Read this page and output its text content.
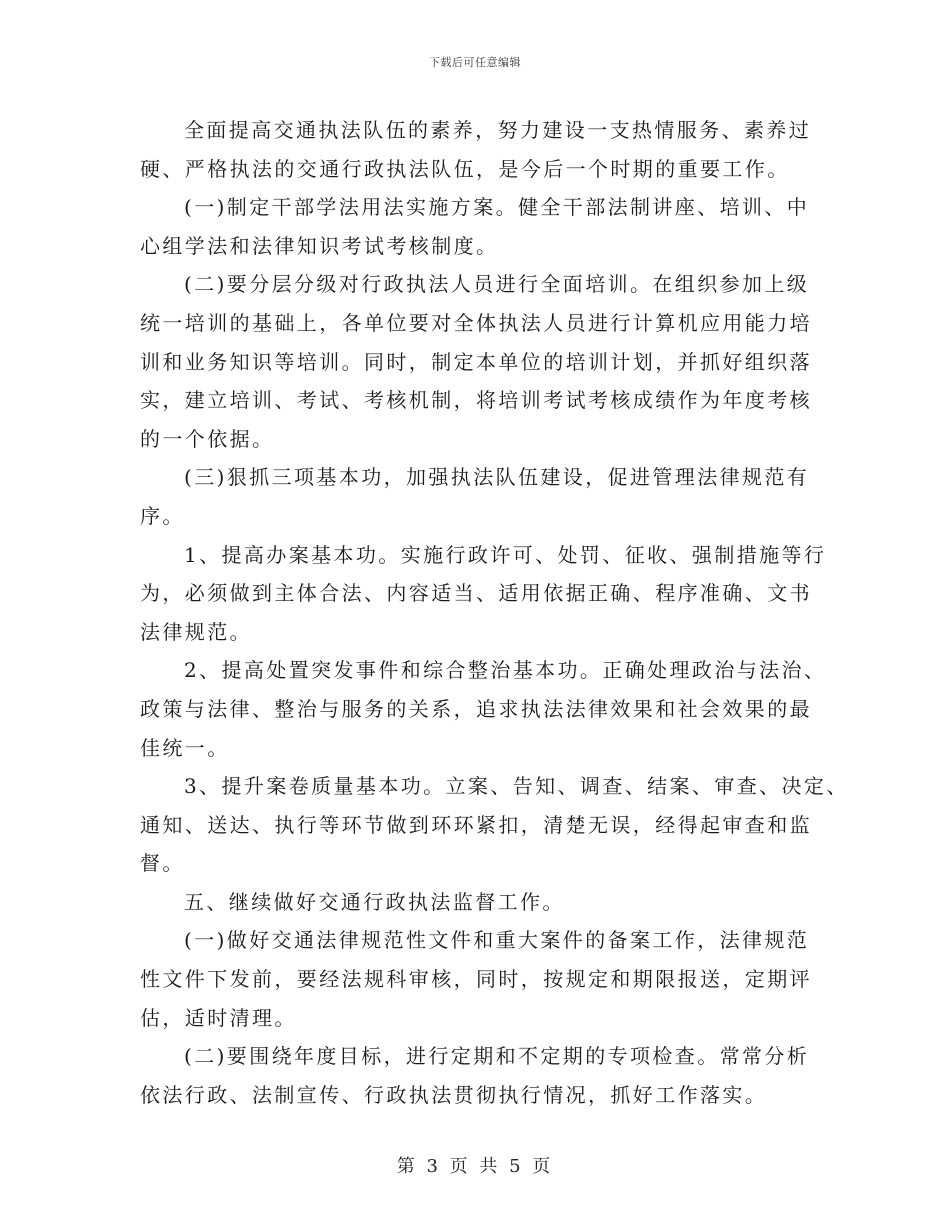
下载后可任意编辑
全面提高交通执法队伍的素养，努力建设一支热情服务、素养过
硬、严格执法的交通行政执法队伍，是今后一个时期的重要工作。
(一)制定干部学法用法实施方案。健全干部法制讲座、培训、中
心组学法和法律知识考试考核制度。
(二)要分层分级对行政执法人员进行全面培训。在组织参加上级
统一培训的基础上，各单位要对全体执法人员进行计算机应用能力培
训和业务知识等培训。同时，制定本单位的培训计划，并抓好组织落
实，建立培训、考试、考核机制，将培训考试考核成绩作为年度考核
的一个依据。
(三)狠抓三项基本功，加强执法队伍建设，促进管理法律规范有
序。
1、提高办案基本功。实施行政许可、处罚、征收、强制措施等行
为，必须做到主体合法、内容适当、适用依据正确、程序准确、文书
法律规范。
2、提高处置突发事件和综合整治基本功。正确处理政治与法治、
政策与法律、整治与服务的关系，追求执法法律效果和社会效果的最
佳统一。
3、提升案卷质量基本功。立案、告知、调查、结案、审查、决定、
通知、送达、执行等环节做到环环紧扣，清楚无误，经得起审查和监
督。
五、继续做好交通行政执法监督工作。
(一)做好交通法律规范性文件和重大案件的备案工作，法律规范
性文件下发前，要经法规科审核，同时，按规定和期限报送，定期评
估，适时清理。
(二)要围绕年度目标，进行定期和不定期的专项检查。常常分析
依法行政、法制宣传、行政执法贯彻执行情况，抓好工作落实。
第 3 页 共 5 页
